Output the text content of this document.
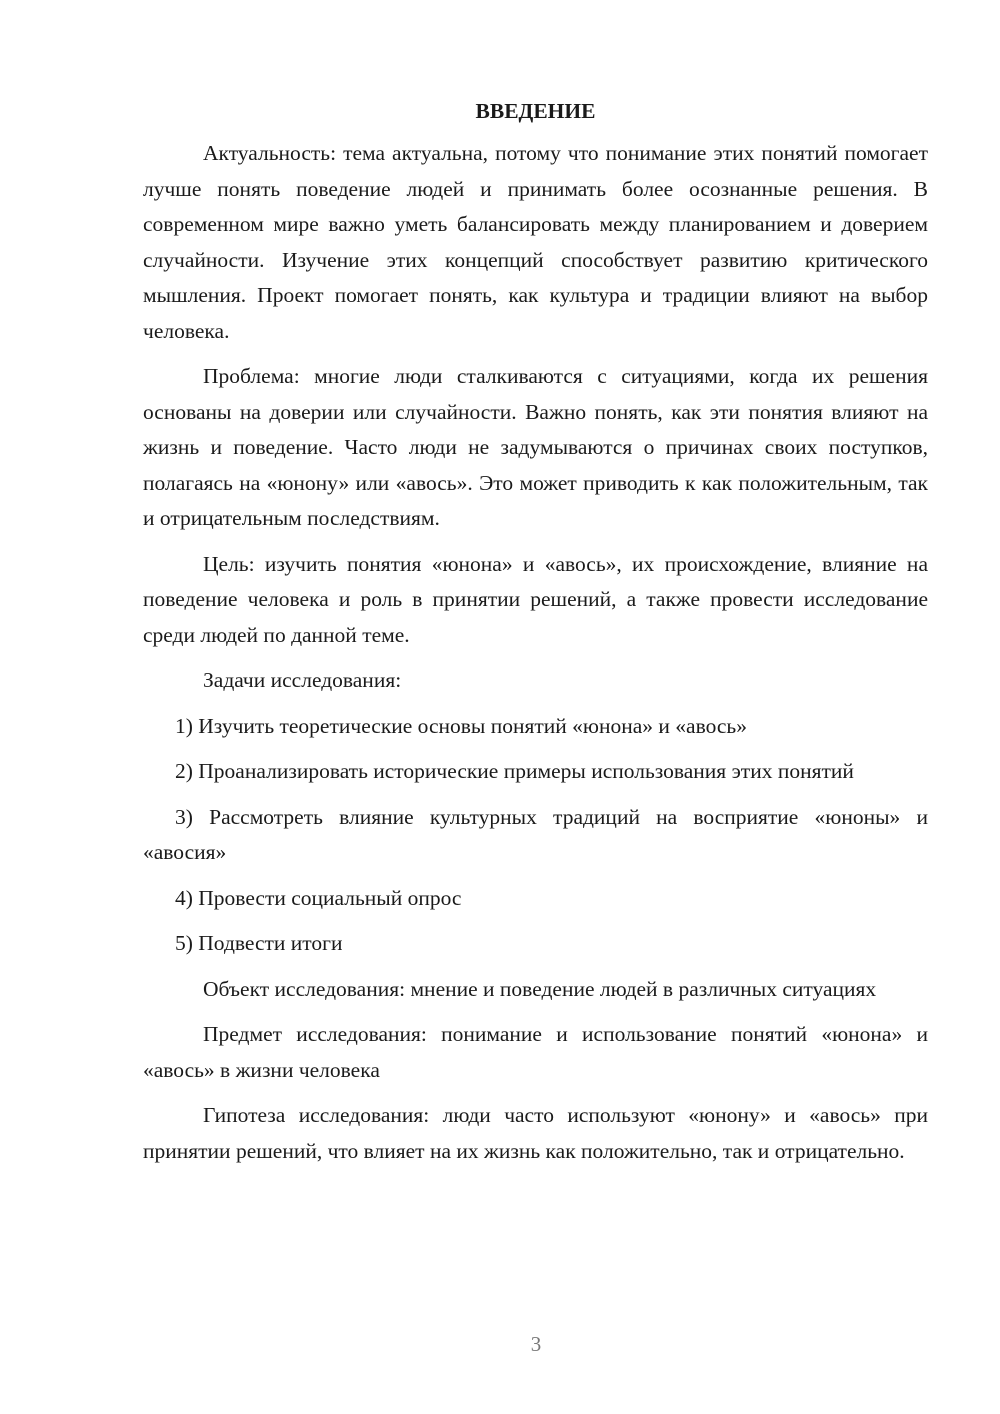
ВВЕДЕНИЕ

Актуальность: тема актуальна, потому что понимание этих понятий помогает лучше понять поведение людей и принимать более осознанные решения. В современном мире важно уметь балансировать между планированием и доверием случайности. Изучение этих концепций способствует развитию критического мышления. Проект помогает понять, как культура и традиции влияют на выбор человека.

Проблема: многие люди сталкиваются с ситуациями, когда их решения основаны на доверии или случайности. Важно понять, как эти понятия влияют на жизнь и поведение. Часто люди не задумываются о причинах своих поступков, полагаясь на «юнону» или «авось». Это может приводить к как положительным, так и отрицательным последствиям.

Цель: изучить понятия «юнона» и «авось», их происхождение, влияние на поведение человека и роль в принятии решений, а также провести исследование среди людей по данной теме.

Задачи исследования:

1) Изучить теоретические основы понятий «юнона» и «авось»

2) Проанализировать исторические примеры использования этих понятий

3) Рассмотреть влияние культурных традиций на восприятие «юноны» и «авосия»

4) Провести социальный опрос

5) Подвести итоги

Объект исследования: мнение и поведение людей в различных ситуациях

Предмет исследования: понимание и использование понятий «юнона» и «авось» в жизни человека

Гипотеза исследования: люди часто используют «юнону» и «авось» при принятии решений, что влияет на их жизнь как положительно, так и отрицательно.

3
